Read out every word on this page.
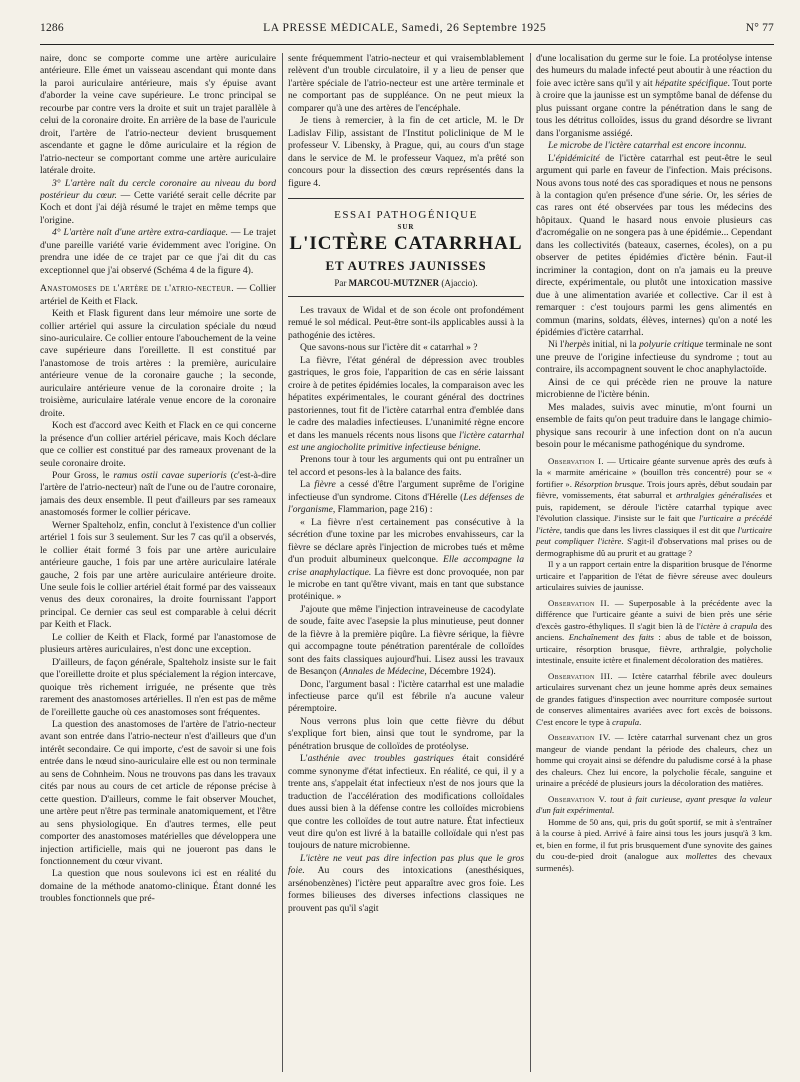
1286	LA PRESSE MÉDICALE, Samedi, 26 Septembre 1925	N° 77

naire, donc se comporte comme une artère auriculaire antérieure. Elle émet un vaisseau ascendant qui monte dans la paroi auriculaire antérieure, mais s'y épuise avant d'aborder la veine cave supérieure. Le tronc principal se recourbe par contre vers la droite et suit un trajet parallèle à celui de la coronaire droite. En arrière de la base de l'auricule droit, l'artère de l'atrio-necteur devient brusquement ascendante et gagne le dôme auriculaire et la région de l'atrio-necteur se comportant comme une artère auriculaire latérale droite.

3° L'artère naît du cercle coronaire au niveau du bord postérieur du cœur. — Cette variété serait celle décrite par Koch et dont j'ai déjà résumé le trajet en même temps que l'origine.

4° L'artère naît d'une artère extra-cardiaque. — Le trajet d'une pareille variété varie évidemment avec l'origine. On prendra une idée de ce trajet par ce que j'ai dit du cas exceptionnel que j'ai observé (Schéma 4 de la figure 4).

Anastomoses de l'artère de l'atrio-necteur. — Collier artériel de Keith et Flack.

Keith et Flask figurent dans leur mémoire une sorte de collier artériel qui assure la circulation spéciale du nœud sino-auriculaire. Ce collier entoure l'abouchement de la veine cave supérieure dans l'oreillette. Il est constitué par l'anastomose de trois artères : la première, auriculaire antérieure venue de la coronaire gauche ; la seconde, auriculaire antérieure venue de la coronaire droite ; la troisième, auriculaire latérale venue encore de la coronaire droite.

Koch est d'accord avec Keith et Flack en ce qui concerne la présence d'un collier artériel péricave, mais Koch déclare que ce collier est constitué par des rameaux provenant de la seule coronaire droite.

Pour Gross, le ramus ostii cavae superioris (c'est-à-dire l'artère de l'atrio-necteur) naît de l'une ou de l'autre coronaire, jamais des deux ensemble. Il peut d'ailleurs par ses rameaux anastomosés former le collier péricave.

Werner Spalteholz, enfin, conclut à l'existence d'un collier artériel 1 fois sur 3 seulement. Sur les 7 cas qu'il a observés, le collier était formé 3 fois par une artère auriculaire antérieure gauche, 1 fois par une artère auriculaire latérale gauche, 2 fois par une artère auriculaire antérieure droite. Une seule fois le collier artériel était formé par des vaisseaux venus des deux coronaires, la droite fournissant l'apport principal. Ce dernier cas seul est comparable à celui décrit par Keith et Flack.

Le collier de Keith et Flack, formé par l'anastomose de plusieurs artères auriculaires, n'est donc une exception.

D'ailleurs, de façon générale, Spalteholz insiste sur le fait que l'oreillette droite et plus spécialement la région intercave, quoique très richement irriguée, ne présente que très rarement des anastomoses artérielles. Il n'en est pas de même de l'oreillette gauche où ces anastomoses sont fréquentes.

La question des anastomoses de l'artère de l'atrio-necteur avant son entrée dans l'atrio-necteur n'est d'ailleurs que d'un intérêt secondaire. Ce qui importe, c'est de savoir si une fois entrée dans le nœud sino-auriculaire elle est ou non terminale au sens de Cohnheim. Nous ne trouvons pas dans les travaux cités par nous au cours de cet article de réponse précise à cette question. D'ailleurs, comme le fait observer Mouchet, une artère peut n'être pas terminale anatomiquement, et l'être au sens physiologique. En d'autres termes, elle peut comporter des anastomoses matérielles que développera une injection artificielle, mais qui ne joueront pas dans le fonctionnement du cœur vivant.

La question que nous soulevons ici est en réalité du domaine de la méthode anatomo-clinique. Étant donné les troubles fonctionnels que pré-

sente fréquemment l'atrio-necteur et qui vraisemblablement relèvent d'un trouble circulatoire, il y a lieu de penser que l'artère spéciale de l'atrio-necteur est une artère terminale et ne comportant pas de suppléance. On ne peut mieux la comparer qu'à une des artères de l'encéphale.

Je tiens à remercier, à la fin de cet article, M. le Dr Ladislav Filip, assistant de l'Institut policlinique de M le professeur V. Libensky, à Prague, qui, au cours d'un stage dans le service de M. le professeur Vaquez, m'a prêté son concours pour la dissection des cœurs représentés dans la figure 4.

ESSAI PATHOGÉNIQUE
SUR
L'ICTÈRE CATARRHAL
ET AUTRES JAUNISSES
Par MARCOU-MUTZNER (Ajaccio).

Les travaux de Widal et de son école ont profondément remué le sol médical. Peut-être sont-ils applicables aussi à la pathogénie des ictères.

Que savons-nous sur l'ictère dit « catarrhal » ?

La fièvre, l'état général de dépression avec troubles gastriques, le gros foie, l'apparition de cas en série laissant croire à de petites épidémies locales, la comparaison avec les hépatites expérimentales, le courant général des doctrines pastoriennes, tout fit de l'ictère catarrhal entra d'emblée dans le cadre des maladies infectieuses. L'unanimité règne encore et dans les manuels récents nous lisons que l'ictère catarrhal est une angiocholite primitive infectieuse bénigne.

Prenons tour à tour les arguments qui ont pu entraîner un tel accord et pesons-les à la balance des faits.

La fièvre a cessé d'être l'argument suprême de l'origine infectieuse d'un syndrome. Citons d'Hérelle (Les défenses de l'organisme, Flammarion, page 216) :

« La fièvre n'est certainement pas consécutive à la sécrétion d'une toxine par les microbes envahisseurs, car la fièvre se déclare après l'injection de microbes tués et même d'un produit albumineux quelconque. Elle accompagne la crise anaphylactique. La fièvre est donc provoquée, non par le microbe en tant qu'être vivant, mais en tant que substance protéinique. »

J'ajoute que même l'injection intraveineuse de cacodylate de soude, faite avec l'asepsie la plus minutieuse, peut donner de la fièvre à la première piqûre. La fièvre sérique, la fièvre qui accompagne toute pénétration parentérale de colloïdes sont des faits classiques aujourd'hui. Lisez aussi les travaux de Besançon (Annales de Médecine, Décembre 1924).

Donc, l'argument basal : l'ictère catarrhal est une maladie infectieuse parce qu'il est fébrile n'a aucune valeur péremptoire.

Nous verrons plus loin que cette fièvre du début s'explique fort bien, ainsi que tout le syndrome, par la pénétration brusque de colloïdes de protéolyse.

L'asthénie avec troubles gastriques était considéré comme synonyme d'état infectieux. En réalité, ce qui, il y a trente ans, s'appelait état infectieux n'est de nos jours que la traduction de l'accélération des modifications colloïdales dues aussi bien à la défense contre les colloïdes microbiens que contre les colloïdes de tout autre nature. État infectieux veut dire qu'on est livré à la bataille colloïdale qui n'est pas toujours de nature microbienne.

L'ictère ne veut pas dire infection pas plus que le gros foie. Au cours des intoxications (anesthésiques, arsénobenzènes) l'ictère peut apparaître avec gros foie. Les formes bilieuses des diverses infections classiques ne prouvent pas qu'il s'agit

d'une localisation du germe sur le foie. La protéolyse intense des humeurs du malade infecté peut aboutir à une réaction du foie avec ictère sans qu'il y ait hépatite spécifique. Tout porte à croire que la jaunisse est un symptôme banal de défense du plus puissant organe contre la pénétration dans le sang de tous les détritus colloïdes, issus du grand désordre se livrant dans l'organisme assiégé.

Le microbe de l'ictère catarrhal est encore inconnu.

L'épidémicité de l'ictère catarrhal est peut-être le seul argument qui parle en faveur de l'infection. Mais précisons. Nous avons tous noté des cas sporadiques et nous ne pensons à la contagion qu'en présence d'une série. Or, les séries de cas rares ont été observées par tous les médecins des hôpitaux. Quand le hasard nous envoie plusieurs cas d'acromégalie on ne songera pas à une épidémie... Cependant dans les collectivités (bateaux, casernes, écoles), on a pu observer de petites épidémies d'ictère bénin. Faut-il incriminer la contagion, dont on n'a jamais eu la preuve directe, expérimentale, ou plutôt une intoxication massive due à une alimentation avariée et collective. Car il est à remarquer : c'est toujours parmi les gens alimentés en commun (marins, soldats, élèves, internes) qu'on a noté les épidémies d'ictère catarrhal.

Ni l'herpès initial, ni la polyurie critique terminale ne sont une preuve de l'origine infectieuse du syndrome ; tout au contraire, ils accompagnent souvent le choc anaphylactoïde.

Ainsi de ce qui précède rien ne prouve la nature microbienne de l'ictère bénin.

Mes malades, suivis avec minutie, m'ont fourni un ensemble de faits qu'on peut traduire dans le langage chimio-physique sans recourir à une infection dont on n'a aucun besoin pour le mécanisme pathogénique du syndrome.

Observation I. — Urticaire géante survenue après des œufs à la « marmite américaine » (bouillon très concentré) pour se « fortifier ». Résorption brusque. Trois jours après, début soudain par fièvre, vomissements, état saburral et arthralgies généralisées et puis, rapidement, se déroule l'ictère catarrhal typique avec l'évolution classique. J'insiste sur le fait que l'urticaire a précédé l'ictère, tandis que dans les livres classiques il est dit que l'urticaire peut compliquer l'ictère. S'agit-il d'observations mal prises ou de dermographisme dû au prurit et au grattage ?

Il y a un rapport certain entre la disparition brusque de l'énorme urticaire et l'apparition de l'état de fièvre séreuse avec douleurs articulaires suivies de jaunisse.

Observation II. — Superposable à la précédente avec la différence que l'urticaire géante a suivi de bien près une série d'excès gastro-éthyliques. Il s'agit bien là de l'ictère à crapula des anciens. Enchaînement des faits : abus de table et de boisson, urticaire, résorption brusque, fièvre, arthralgie, polycholie intestinale, ensuite ictère et finalement décoloration des matières.

Observation III. — Ictère catarrhal fébrile avec douleurs articulaires survenant chez un jeune homme après deux semaines de grandes fatigues d'inspection avec nourriture composée surtout de conserves alimentaires avariées avec fort excès de boissons. C'est encore le type à crapula.

Observation IV. — Ictère catarrhal survenant chez un gros mangeur de viande pendant la période des chaleurs, chez un homme qui croyait ainsi se défendre du paludisme corsé à la phase des chaleurs. Chez lui encore, la polycholie fécale, sanguine et urinaire a précédé de plusieurs jours la décoloration des matières.

Observation V. tout à fait curieuse, ayant presque la valeur d'un fait expérimental.

Homme de 50 ans, qui, pris du goût sportif, se mit à s'entraîner à la course à pied. Arrivé à faire ainsi tous les jours jusqu'à 3 km. et, bien en forme, il fut pris brusquement d'une synovite des gaines du cou-de-pied droit (analogue aux mollettes des chevaux surmenés).
